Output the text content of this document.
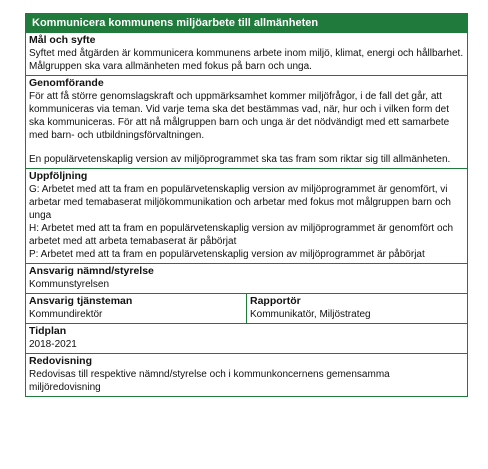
Kommunicera kommunens miljöarbete till allmänheten
Mål och syfte
Syftet med åtgärden är kommunicera kommunens arbete inom miljö, klimat, energi och hållbarhet. Målgruppen ska vara allmänheten med fokus på barn och unga.
Genomförande
För att få större genomslagskraft och uppmärksamhet kommer miljöfrågor, i de fall det går, att kommuniceras via teman. Vid varje tema ska det bestämmas vad, när, hur och i vilken form det ska kommuniceras. För att nå målgruppen barn och unga är det nödvändigt med ett samarbete med barn- och utbildningsförvaltningen.
En populärvetenskaplig version av miljöprogrammet ska tas fram som riktar sig till allmänheten.
Uppföljning
G: Arbetet med att ta fram en populärvetenskaplig version av miljöprogrammet är genomfört, vi arbetar med temabaserat miljökommunikation och arbetar med fokus mot målgruppen barn och unga
H: Arbetet med att ta fram en populärvetenskaplig version av miljöprogrammet är genomfört och arbetet med att arbeta temabaserat är påbörjat
P: Arbetet med att ta fram en populärvetenskaplig version av miljöprogrammet är påbörjat
Ansvarig nämnd/styrelse
Kommunstyrelsen
Ansvarig tjänsteman
Kommundirektör
Rapportör
Kommunikatör, Miljöstrateg
Tidplan
2018-2021
Redovisning
Redovisas till respektive nämnd/styrelse och i kommunkoncernens gemensamma miljöredovisning
